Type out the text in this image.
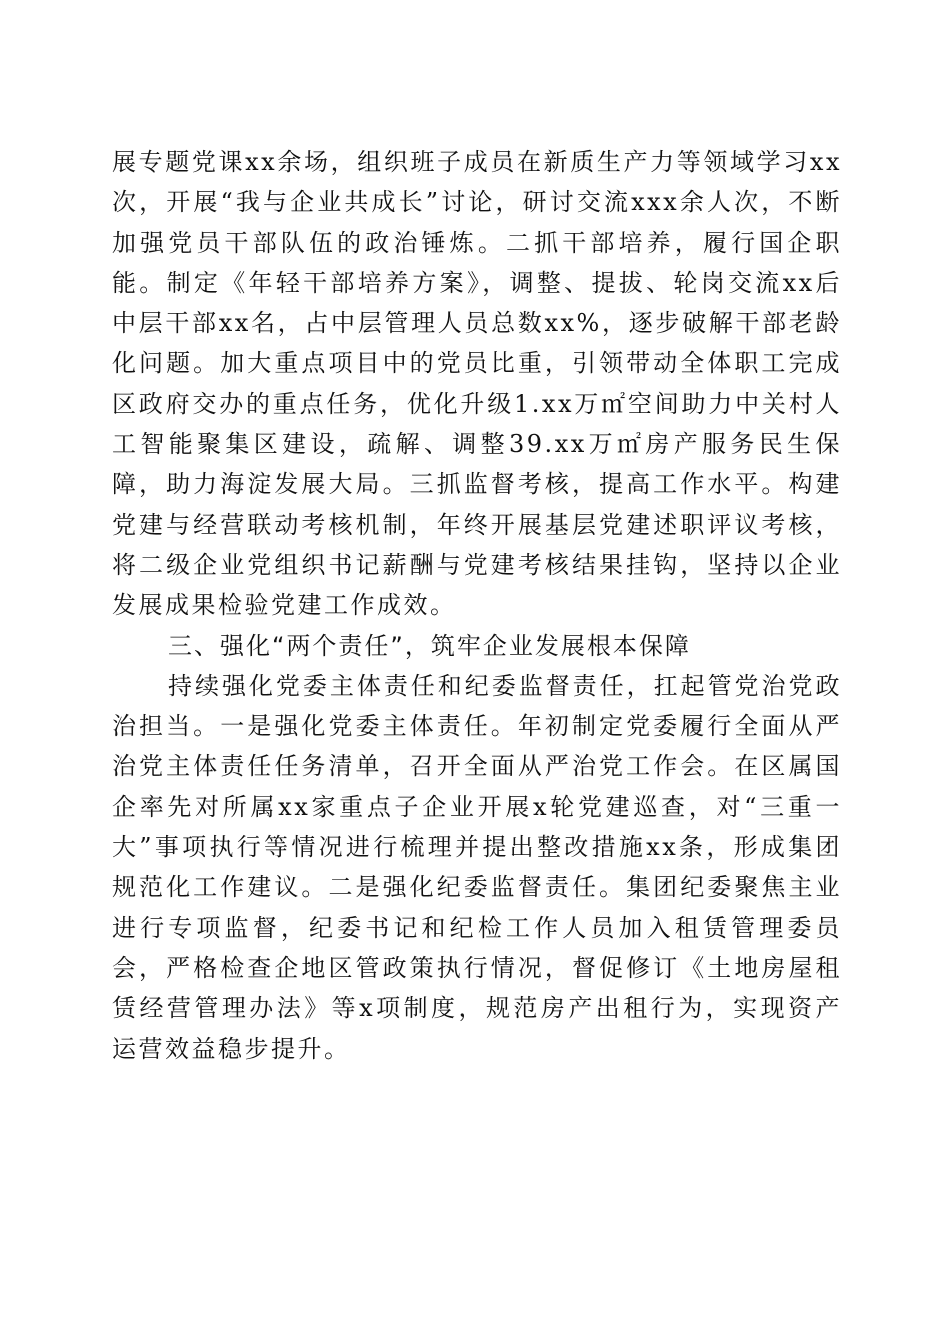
展专题党课xx余场，组织班子成员在新质生产力等领域学习xx次，开展“我与企业共成长”讨论，研讨交流xxx余人次，不断加强党员干部队伍的政治锤炼。二抓干部培养，履行国企职能。制定《年轻干部培养方案》，调整、提拔、轮岗交流xx后中层干部xx名，占中层管理人员总数xx%，逐步破解干部老龄化问题。加大重点项目中的党员比重，引领带动全体职工完成区政府交办的重点任务，优化升级1.xx万㎡空间助力中关村人工智能聚集区建设，疏解、调整39.xx万㎡房产服务民生保障，助力海淀发展大局。三抓监督考核，提高工作水平。构建党建与经营联动考核机制，年终开展基层党建述职评议考核，将二级企业党组织书记薪酬与党建考核结果挂钩，坚持以企业发展成果检验党建工作成效。

三、强化“两个责任”，筑牢企业发展根本保障

持续强化党委主体责任和纪委监督责任，扛起管党治党政治担当。一是强化党委主体责任。年初制定党委履行全面从严治党主体责任任务清单，召开全面从严治党工作会。在区属国企率先对所属xx家重点子企业开展x轮党建巡查，对“三重一大”事项执行等情况进行梳理并提出整改措施xx条，形成集团规范化工作建议。二是强化纪委监督责任。集团纪委聚焦主业进行专项监督，纪委书记和纪检工作人员加入租赁管理委员会，严格检查企地区管政策执行情况，督促修订《土地房屋租赁经营管理办法》等x项制度，规范房产出租行为，实现资产运营效益稳步提升。
